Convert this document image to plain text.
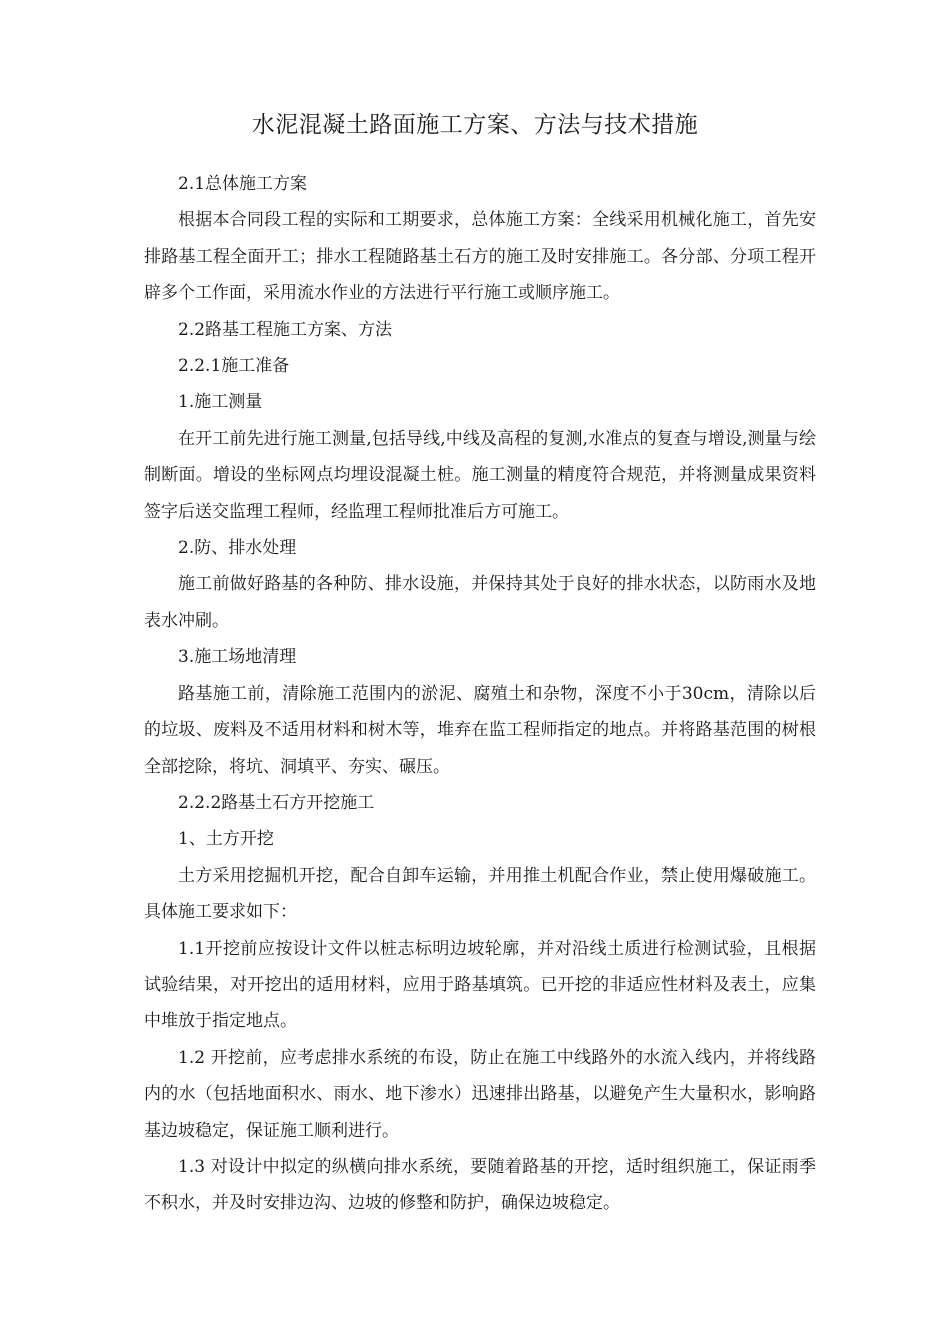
水泥混凝土路面施工方案、方法与技术措施

2.1总体施工方案

根据本合同段工程的实际和工期要求，总体施工方案：全线采用机械化施工，首先安排路基工程全面开工；排水工程随路基土石方的施工及时安排施工。各分部、分项工程开辟多个工作面，采用流水作业的方法进行平行施工或顺序施工。

2.2路基工程施工方案、方法

2.2.1施工准备

1.施工测量

在开工前先进行施工测量,包括导线,中线及高程的复测,水准点的复查与增设,测量与绘制断面。增设的坐标网点均埋设混凝土桩。施工测量的精度符合规范，并将测量成果资料签字后送交监理工程师，经监理工程师批准后方可施工。

2.防、排水处理

施工前做好路基的各种防、排水设施，并保持其处于良好的排水状态，以防雨水及地表水冲刷。

3.施工场地清理

路基施工前，清除施工范围内的淤泥、腐殖土和杂物，深度不小于30cm，清除以后的垃圾、废料及不适用材料和树木等，堆弃在监工程师指定的地点。并将路基范围的树根全部挖除，将坑、洞填平、夯实、碾压。

2.2.2路基土石方开挖施工

1、土方开挖

土方采用挖掘机开挖，配合自卸车运输，并用推土机配合作业，禁止使用爆破施工。具体施工要求如下：

1.1开挖前应按设计文件以桩志标明边坡轮廓，并对沿线土质进行检测试验，且根据试验结果，对开挖出的适用材料，应用于路基填筑。已开挖的非适应性材料及表土，应集中堆放于指定地点。

1.2 开挖前，应考虑排水系统的布设，防止在施工中线路外的水流入线内，并将线路内的水（包括地面积水、雨水、地下渗水）迅速排出路基，以避免产生大量积水，影响路基边坡稳定，保证施工顺利进行。

1.3 对设计中拟定的纵横向排水系统，要随着路基的开挖，适时组织施工，保证雨季不积水，并及时安排边沟、边坡的修整和防护，确保边坡稳定。
